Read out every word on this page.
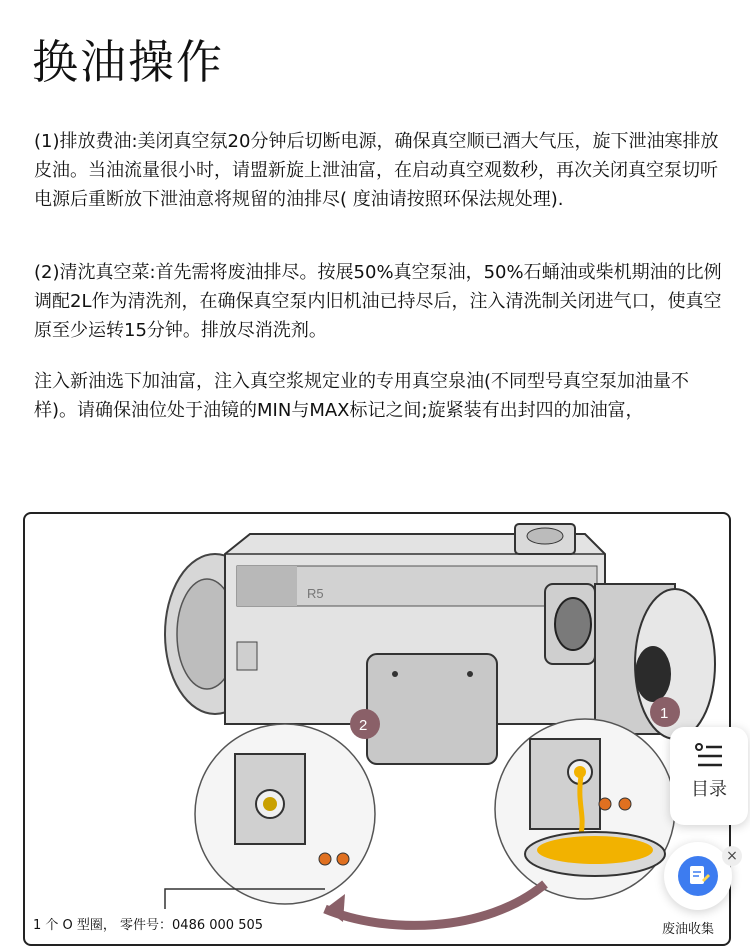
换油操作
(1)排放费油:美闭真空氛20分钟后切断电源，确保真空顺已酒大气压，旋下泄油寒排放皮油。当油流量很小时，请盟新旋上泄油富，在启动真空观数秒，再次关闭真空泵切听电源后重断放下泄油意将规留的油排尽( 度油请按照环保法规处理).
(2)清沈真空菜:首先需将废油排尽。按展50%真空泵油，50%石蛹油或柴机期油的比例调配2L作为清洗剂，在确保真空泵内旧机油已持尽后，注入清洗制关闭进气口，使真空原至少运转15分钟。排放尽消洗剂。
注入新油选下加油富，注入真空浆规定业的专用真空泉油(不同型号真空泵加油量不样)。请确保油位处于油镜的MIN与MAX标记之间;旋紧装有出封四的加油富，
R5
2
1
1 个 O 型圈， 零件号：0486 000 505	废油收集
目录
×
